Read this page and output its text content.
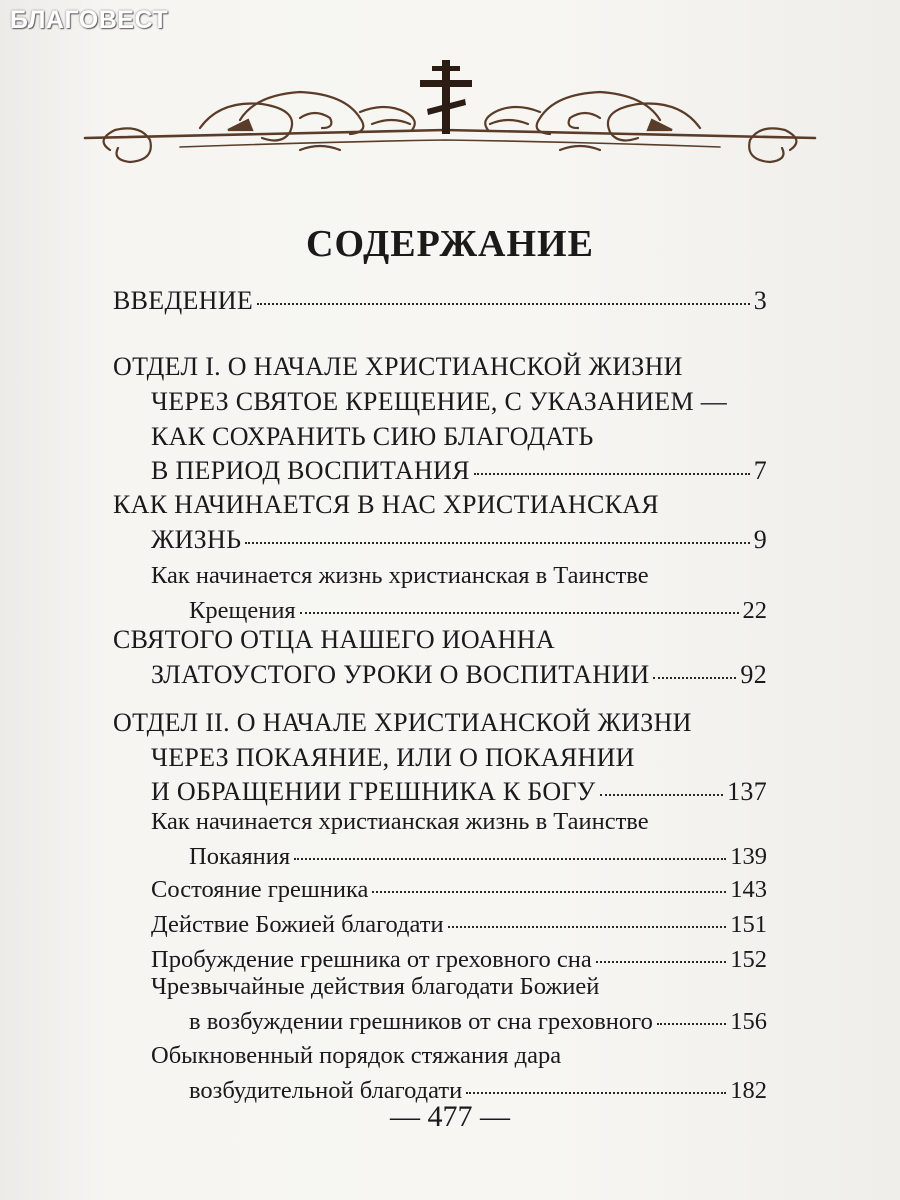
БЛАГОВЕСТ
СОДЕРЖАНИЕ
ВВЕДЕНИЕ	3
ОТДЕЛ I. О НАЧАЛЕ ХРИСТИАНСКОЙ ЖИЗНИ
ЧЕРЕЗ СВЯТОЕ КРЕЩЕНИЕ, С УКАЗАНИЕМ —
КАК СОХРАНИТЬ СИЮ БЛАГОДАТЬ
В ПЕРИОД ВОСПИТАНИЯ	7
КАК НАЧИНАЕТСЯ В НАС ХРИСТИАНСКАЯ
ЖИЗНЬ	9
Как начинается жизнь христианская в Таинстве
Крещения	22
СВЯТОГО ОТЦА НАШЕГО ИОАННА
ЗЛАТОУСТОГО УРОКИ О ВОСПИТАНИИ	92
ОТДЕЛ II. О НАЧАЛЕ ХРИСТИАНСКОЙ ЖИЗНИ
ЧЕРЕЗ ПОКАЯНИЕ, ИЛИ О ПОКАЯНИИ
И ОБРАЩЕНИИ ГРЕШНИКА К БОГУ	137
Как начинается христианская жизнь в Таинстве
Покаяния	139
Состояние грешника	143
Действие Божией благодати	151
Пробуждение грешника от греховного сна	152
Чрезвычайные действия благодати Божией
в возбуждении грешников от сна греховного	156
Обыкновенный порядок стяжания дара
возбудительной благодати	182
— 477 —
